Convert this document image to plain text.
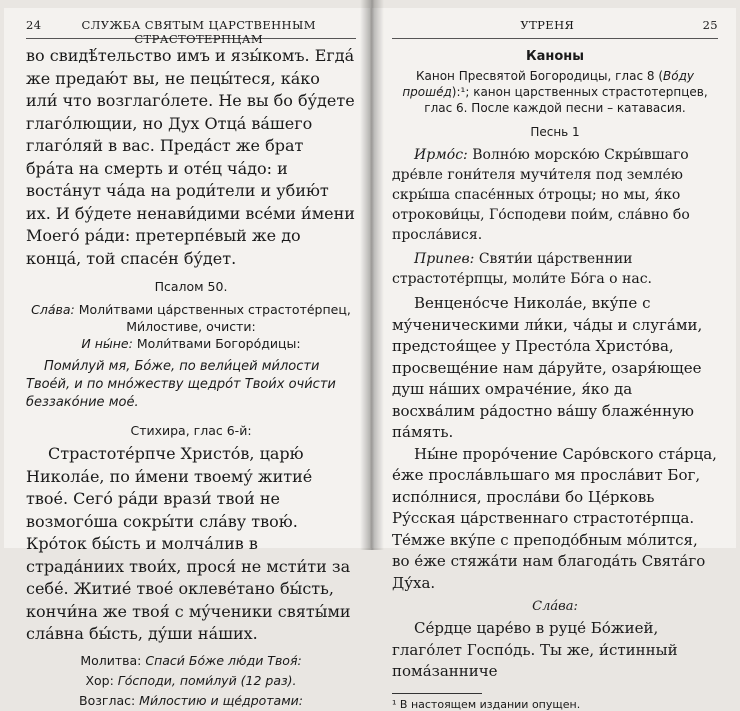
24	СЛУЖБА СВЯТЫМ ЦАРСТВЕННЫМ СТРАСТОТЕРПЦАМ

во свидѣ́тельство имъ и язы́комъ. Егда́ же предаю́т вы, не пецы́теся, ка́ко или́ что возглаго́лете. Не вы бо бу́дете глаго́лющии, но Дух Отца́ ва́шего глаго́ляй в вас. Преда́ст же брат бра́та на смерть и оте́ц ча́до: и воста́нут ча́да на роди́тели и убию́т их. И бу́дете ненави́дими все́ми и́мени Моего́ ра́ди: претерпе́вый же до конца́, той спасе́н бу́дет.

Псалом 50.

Сла́ва: Моли́твами ца́рственных страстоте́рпец, Ми́лостиве, очисти:

И ны́не: Моли́твами Богоро́дицы:

Поми́луй мя, Бо́же, по вели́цей ми́лости Твое́й, и по мно́жеству щедро́т Твои́х очи́сти беззако́ние мое́.

Стихира, глас 6-й:

Страстоте́рпче Христо́в, царю́ Никола́е, по и́мени твоему́ житие́ твое́. Сего́ ра́ди врази́ твои́ не возмого́ша сокры́ти сла́ву твою́. Кро́ток бы́сть и молча́лив в страда́ниих твои́х, прося́ не мсти́ти за себе́. Житие́ твое́ оклеве́тано бы́сть, кончи́на же твоя́ с му́ченики святы́ми сла́вна бы́сть, ду́ши на́ших.

Молитва: Спаси́ Бо́же лю́ди Твоя́:

Хор: Го́споди, поми́луй (12 раз).

Возглас: Ми́лостию и ще́дротами:

УТРЕНЯ	25
Каноны

Канон Пресвятой Богородицы, глас 8 (Во́ду проше́д):¹; канон царственных страстотерпцев, глас 6. После каждой песни – катавасия.

Песнь 1

Ирмо́с: Волно́ю морско́ю Скры́вшаго дре́вле гони́теля мучи́теля под земле́ю скры́ша спасе́нных о́троцы; но мы, я́ко отрокови́цы, Го́сподеви пои́м, сла́вно бо просла́вися.

Припев: Святи́и ца́рственнии страстоте́рпцы, моли́те Бо́га о нас.

Венцено́сче Никола́е, вку́пе с му́ченическими ли́ки, ча́ды и слуга́ми, предстоя́щее у Престо́ла Христо́ва, просвеще́ние нам да́руйте, озаря́ющее душ на́ших омраче́ние, я́ко да восхва́лим ра́достно ва́шу блаже́нную па́мять.

Ны́не проро́чение Саро́вского ста́рца, е́же просла́вльшаго мя просла́вит Бог, испо́лнися, просла́ви бо Це́рковь Ру́сская ца́рственнаго страстоте́рпца. Те́мже вку́пе с преподо́бным мо́лится, во е́же стяжа́ти нам благода́ть Свята́го Ду́ха.

Сла́ва:

Се́рдце царе́во в руце́ Бо́жией, глаго́лет Госпо́дь. Ты же, и́стинный пома́занниче

¹ В настоящем издании опущен.
